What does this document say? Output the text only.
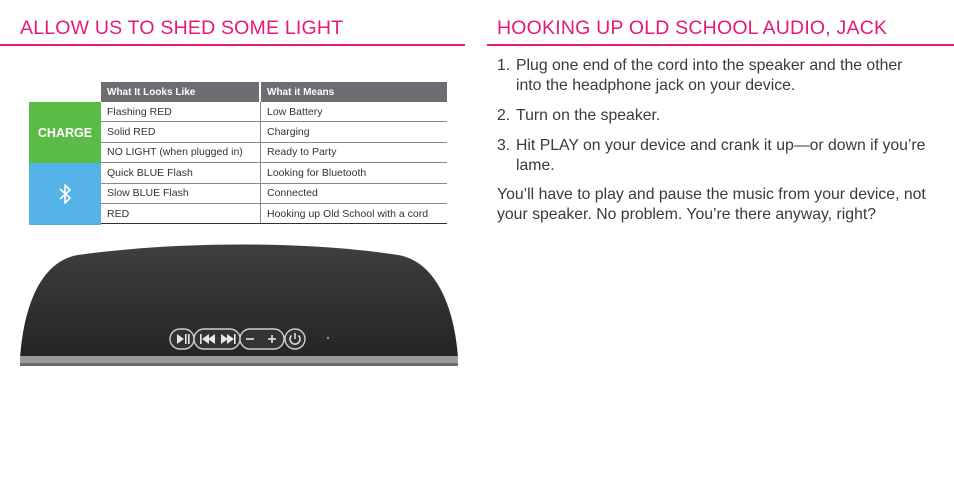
ALLOW US TO SHED SOME LIGHT	HOOKING UP OLD SCHOOL AUDIO, JACK
CHARGE
What It Looks Like	What it Means
Flashing RED	Low Battery
Solid RED	Charging
NO LIGHT (when plugged in)	Ready to Party
Quick BLUE Flash	Looking for Bluetooth
Slow BLUE Flash	Connected
RED	Hooking up Old School with a cord
1. Plug one end of the cord into the speaker and the other into the headphone jack on your device.
2. Turn on the speaker.
3. Hit PLAY on your device and crank it up—or down if you’re lame.
You’ll have to play and pause the music from your device, not your speaker. No problem. You’re there anyway, right?
